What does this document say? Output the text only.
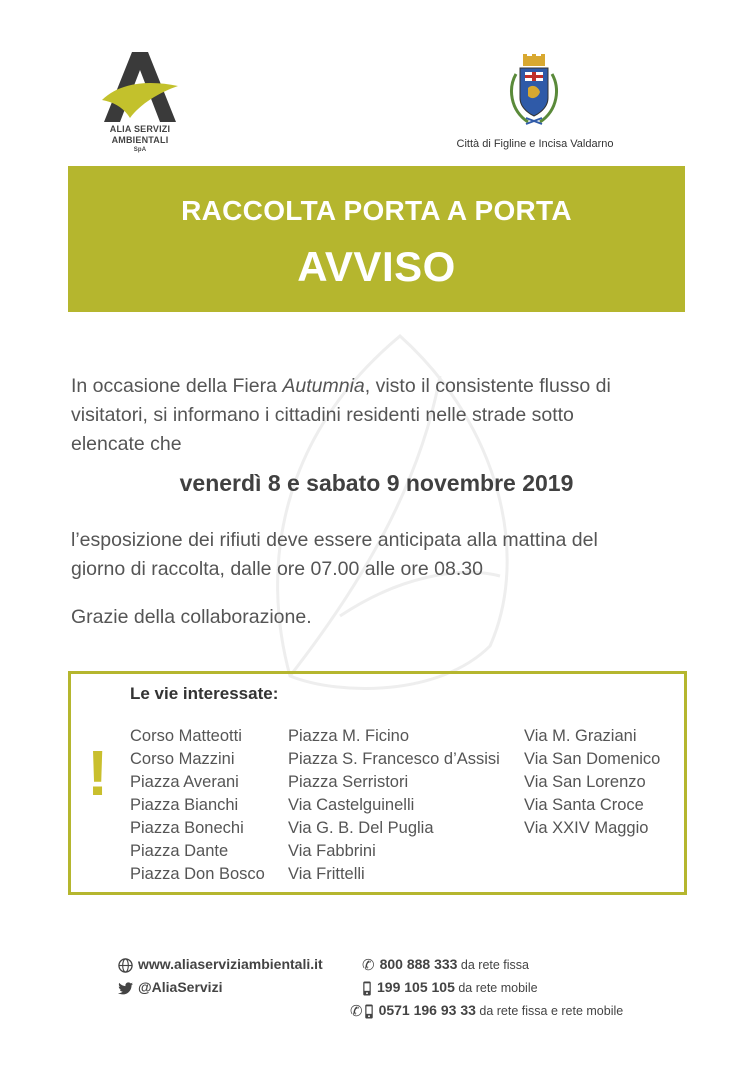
ALIA SERVIZI
AMBIENTALI
SpA	Città di Figline e Incisa Valdarno
RACCOLTA PORTA A PORTA
AVVISO
In occasione della Fiera Autumnia, visto il consistente flusso di
visitatori, si informano i cittadini residenti nelle strade sotto
elencate che
venerdì 8 e sabato 9 novembre 2019
l’esposizione dei rifiuti deve essere anticipata alla mattina del
giorno di raccolta, dalle ore 07.00 alle ore 08.30
Grazie della collaborazione.
!
Le vie interessate:
Corso Matteotti
Corso Mazzini
Piazza Averani
Piazza Bianchi
Piazza Bonechi
Piazza Dante
Piazza Don Bosco
Piazza M. Ficino
Piazza S. Francesco d’Assisi
Piazza Serristori
Via Castelguinelli
Via G. B. Del Puglia
Via Fabbrini
Via Frittelli
Via M. Graziani
Via San Domenico
Via San Lorenzo
Via Santa Croce
Via XXIV Maggio
www.aliaserviziambientali.it
@AliaServizi
✆ 800 888 333 da rete fissa
199 105 105 da rete mobile
✆ 0571 196 93 33 da rete fissa e rete mobile
